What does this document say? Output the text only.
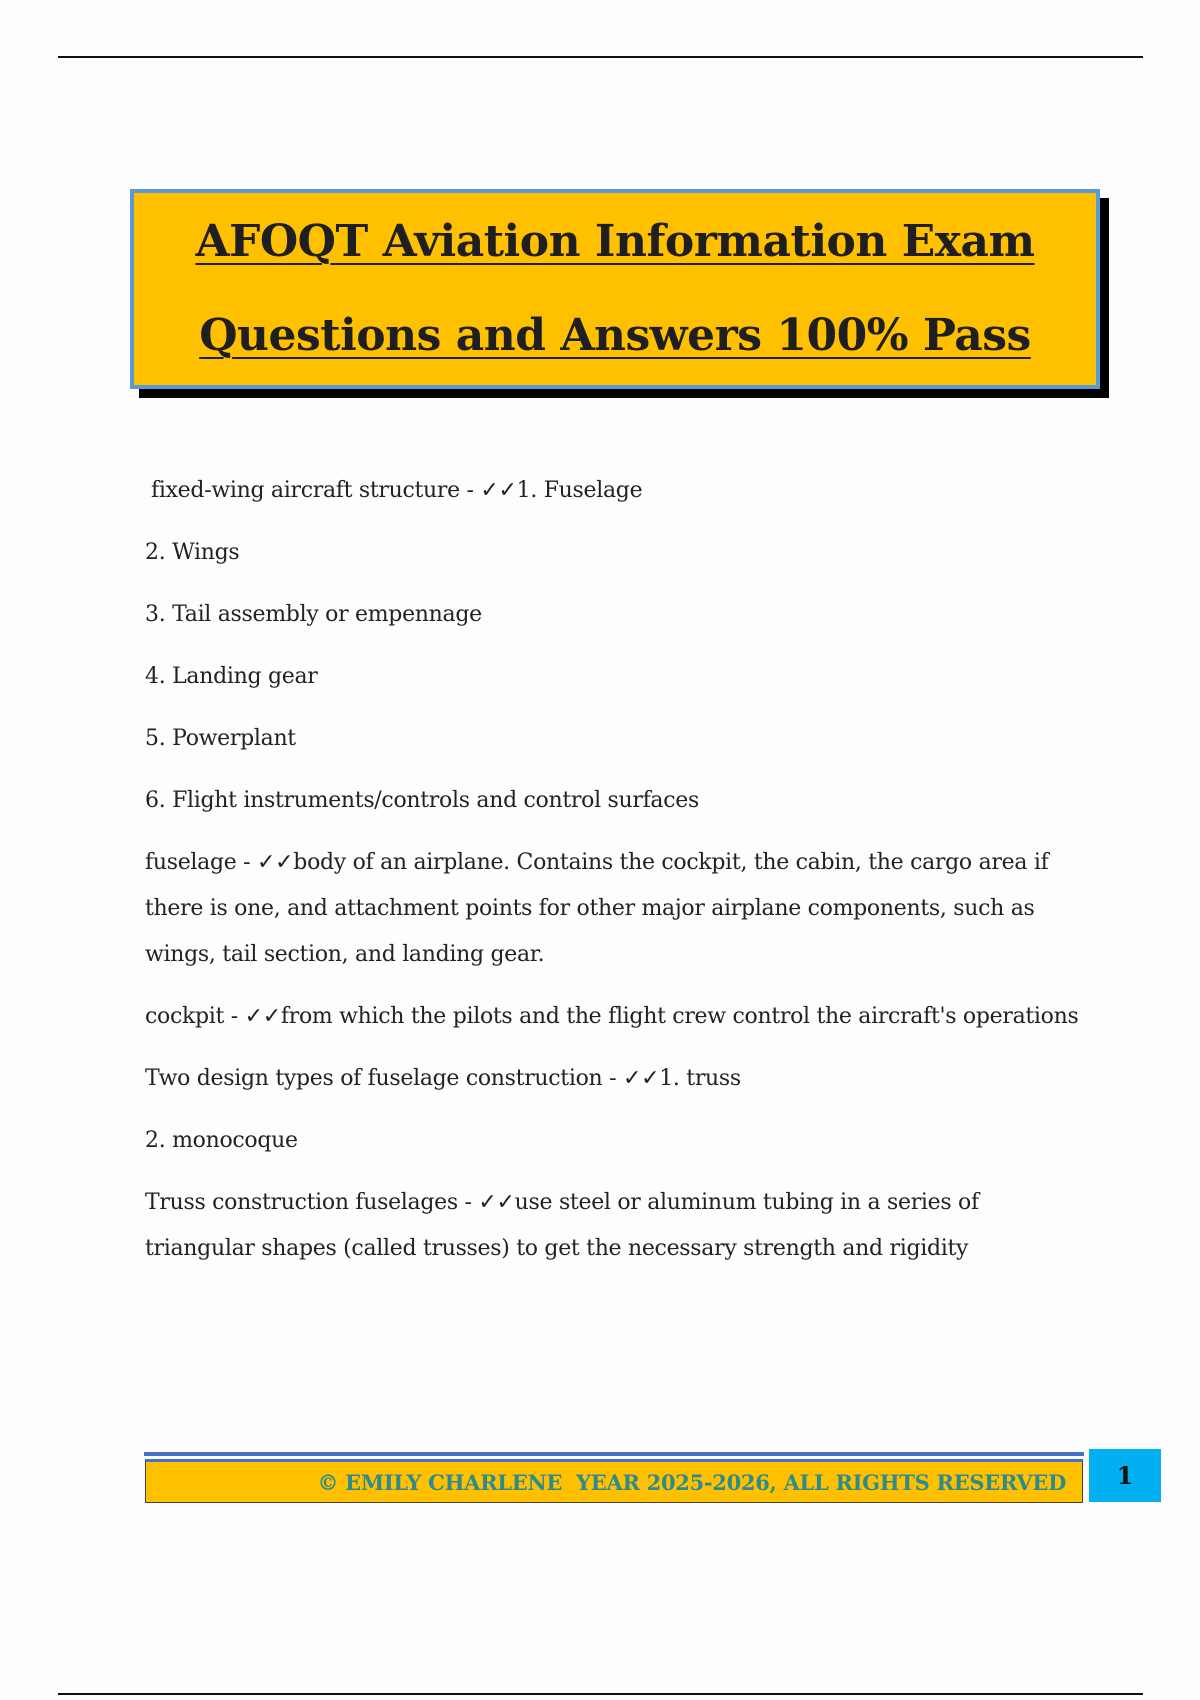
AFOQT Aviation Information Exam
Questions and Answers 100% Pass

fixed-wing aircraft structure - ✓✓1. Fuselage

2. Wings

3. Tail assembly or empennage

4. Landing gear

5. Powerplant

6. Flight instruments/controls and control surfaces

fuselage - ✓✓body of an airplane. Contains the cockpit, the cabin, the cargo area if there is one, and attachment points for other major airplane components, such as wings, tail section, and landing gear.

cockpit - ✓✓from which the pilots and the flight crew control the aircraft's operations

Two design types of fuselage construction - ✓✓1. truss

2. monocoque

Truss construction fuselages - ✓✓use steel or aluminum tubing in a series of triangular shapes (called trusses) to get the necessary strength and rigidity

© EMILY CHARLENE  YEAR 2025-2026, ALL RIGHTS RESERVED	1
